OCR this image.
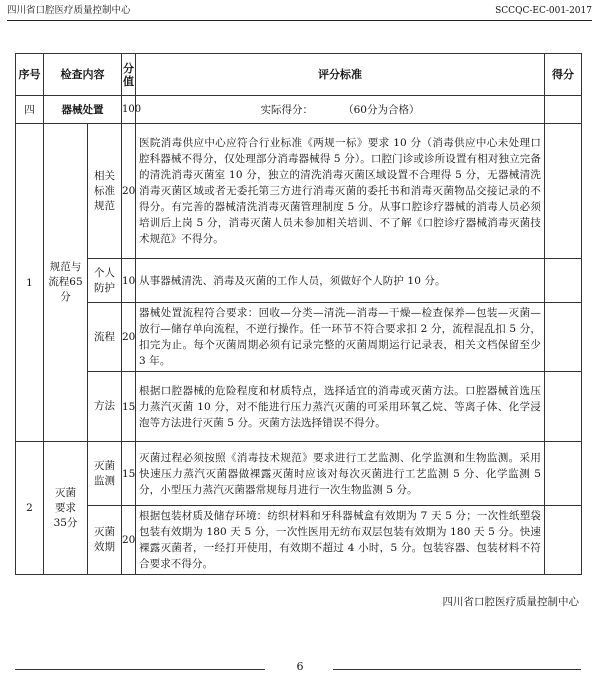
四川省口腔医疗质量控制中心	SCCQC-EC-001-2017
序号	检查内容		分值	评分标准	得分
四	器械处置		100	实际得分：         （60分为合格）	
1	规范与流程65分	相关标准规范	20	医院消毒供应中心应符合行业标准《两规一标》要求 10 分（消毒供应中心未处理口腔科器械不得分，仅处理部分消毒器械得 5 分）。口腔门诊或诊所设置有相对独立完备的清洗消毒灭菌室 10 分，独立的清洗消毒灭菌区域设置不合理得 5 分，无器械清洗消毒灭菌区域或者无委托第三方进行消毒灭菌的委托书和消毒灭菌物品交接记录的不得分。有完善的器械清洗消毒灭菌管理制度 5 分。从事口腔诊疗器械的消毒人员必须培训后上岗 5 分，消毒灭菌人员未参加相关培训、不了解《口腔诊疗器械消毒灭菌技术规范》不得分。	
		个人防护	10	从事器械清洗、消毒及灭菌的工作人员，须做好个人防护 10 分。	
		流程	20	器械处置流程符合要求：回收—分类—清洗—消毒—干燥—检查保养—包装—灭菌—放行—储存单向流程，不逆行操作。任一环节不符合要求扣 2 分，流程混乱扣 5 分，扣完为止。每个灭菌周期必须有记录完整的灭菌周期运行记录表，相关文档保留至少 3 年。	
		方法	15	根据口腔器械的危险程度和材质特点，选择适宜的消毒或灭菌方法。口腔器械首选压力蒸汽灭菌 10 分，对不能进行压力蒸汽灭菌的可采用环氧乙烷、等离子体、化学浸泡等方法进行灭菌 5 分。灭菌方法选择错误不得分。	
2	灭菌要求35分	灭菌监测	15	灭菌过程必须按照《消毒技术规范》要求进行工艺监测、化学监测和生物监测。采用快速压力蒸汽灭菌器做裸露灭菌时应该对每次灭菌进行工艺监测 5 分、化学监测 5 分，小型压力蒸汽灭菌器常规每月进行一次生物监测 5 分。	
		灭菌效期	20	根据包装材质及储存环境：纺织材料和牙科器械盒有效期为 7 天 5 分；一次性纸塑袋包装有效期为 180 天 5 分，一次性医用无纺布双层包装有效期为 180 天 5 分。快速裸露灭菌者，一经打开使用，有效期不超过 4 小时，5 分。包装容器、包装材料不符合要求不得分。	
四川省口腔医疗质量控制中心
6
